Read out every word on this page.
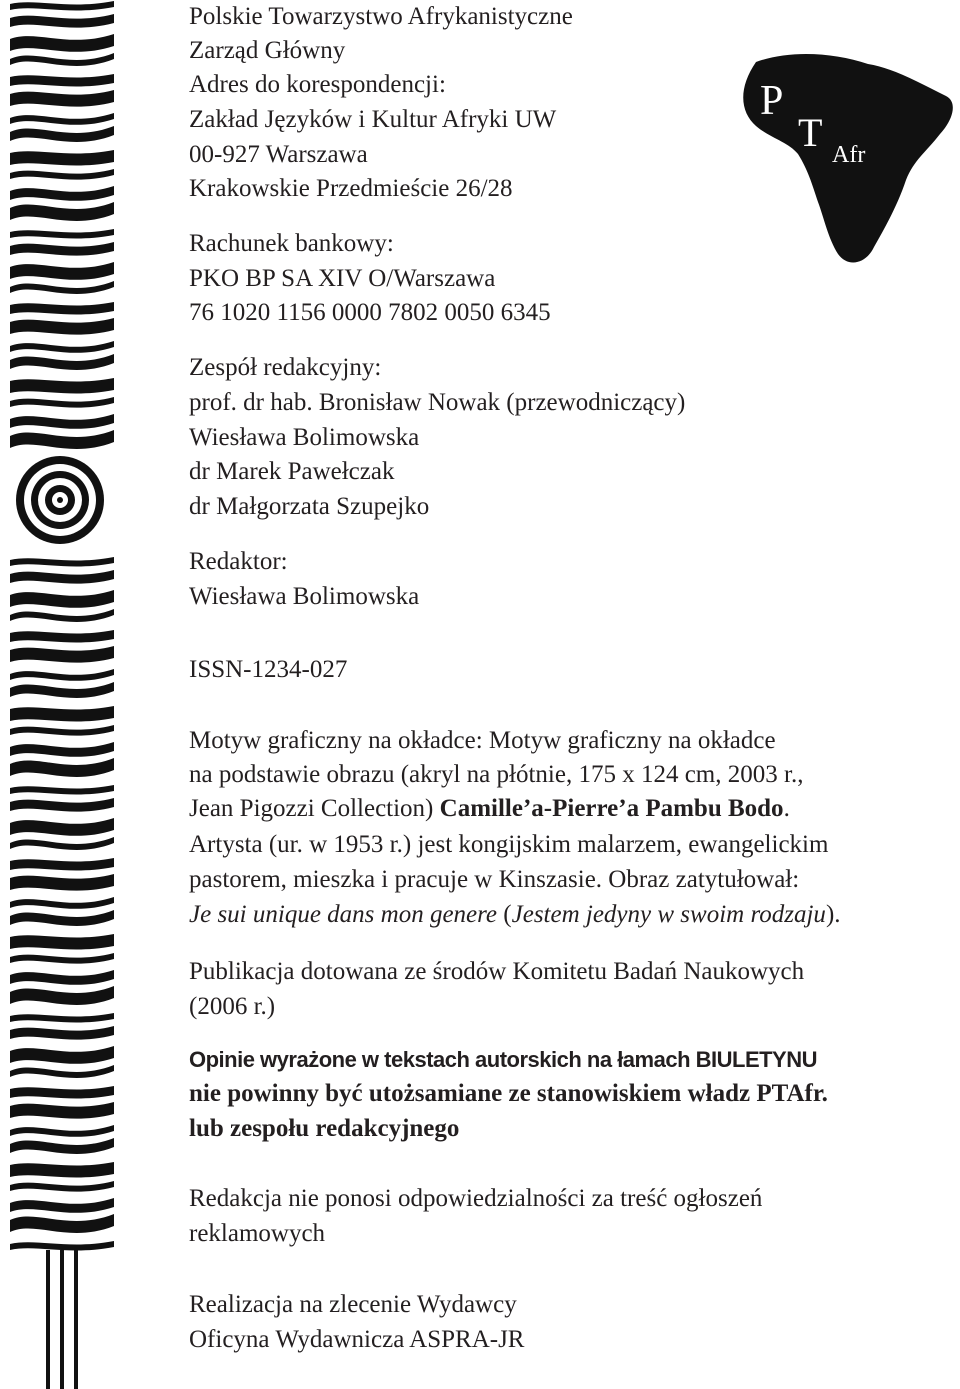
P
T Afr
Polskie Towarzystwo Afrykanistyczne
Zarząd Główny
Adres do korespondencji:
Zakład Języków i Kultur Afryki UW
00-927 Warszawa
Krakowskie Przedmieście 26/28
Rachunek bankowy:
PKO BP SA XIV O/Warszawa
76 1020 1156 0000 7802 0050 6345
Zespół redakcyjny:
prof. dr hab. Bronisław Nowak (przewodniczący)
Wiesława Bolimowska
dr Marek Pawełczak
dr Małgorzata Szupejko
Redaktor:
Wiesława Bolimowska
ISSN-1234-027
Motyw graficzny na okładce: Motyw graficzny na okładce
na podstawie obrazu (akryl na płótnie, 175 x 124 cm, 2003 r.,
Jean Pigozzi Collection) Camille’a-Pierre’a Pambu Bodo.
Artysta (ur. w 1953 r.) jest kongijskim malarzem, ewangelickim
pastorem, mieszka i pracuje w Kinszasie. Obraz zatytułował:
Je sui unique dans mon genere (Jestem jedyny w swoim rodzaju).
Publikacja dotowana ze środów Komitetu Badań Naukowych
(2006 r.)
Opinie wyrażone w tekstach autorskich na łamach BIULETYNU
nie powinny być utożsamiane ze stanowiskiem władz PTAfr.
lub zespołu redakcyjnego
Redakcja nie ponosi odpowiedzialności za treść ogłoszeń
reklamowych
Realizacja na zlecenie Wydawcy
Oficyna Wydawnicza ASPRA-JR
